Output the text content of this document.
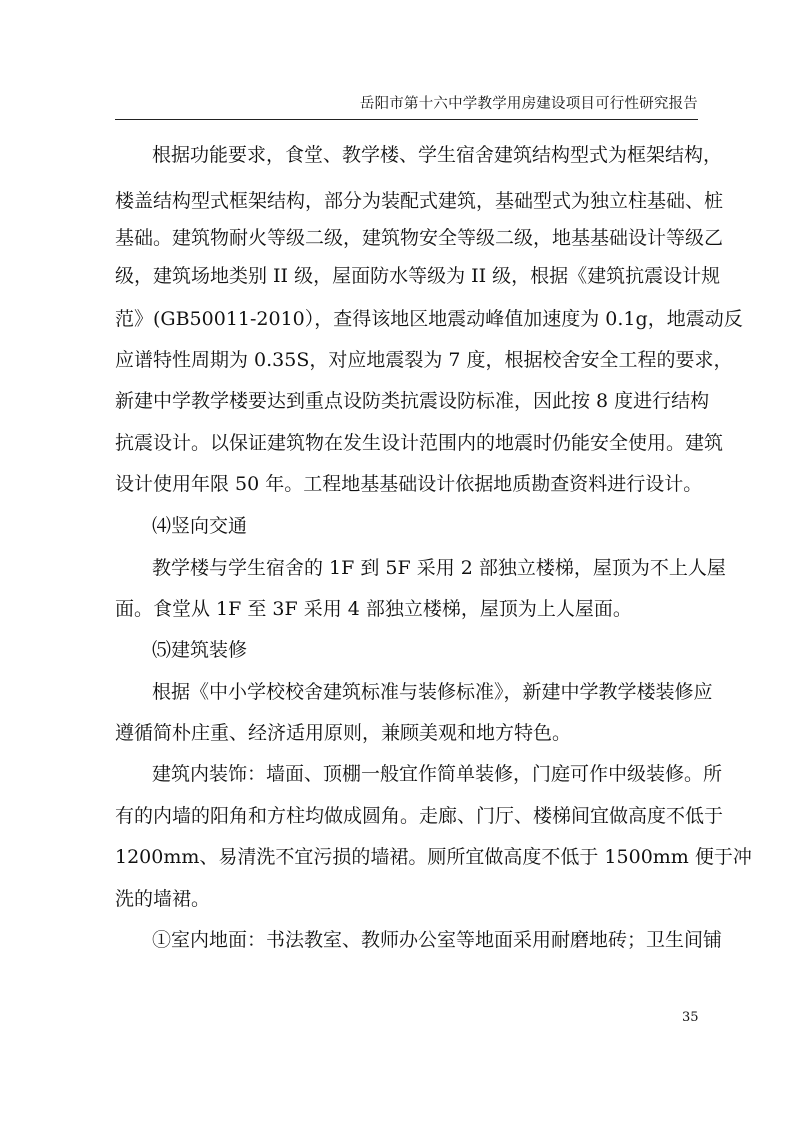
岳阳市第十六中学教学用房建设项目可行性研究报告
根据功能要求，食堂、教学楼、学生宿舍建筑结构型式为框架结构，
楼盖结构型式框架结构，部分为装配式建筑，基础型式为独立柱基础、桩
基础。建筑物耐火等级二级，建筑物安全等级二级，地基基础设计等级乙
级，建筑场地类别 II 级，屋面防水等级为 II 级，根据《建筑抗震设计规
范》(GB50011-2010），查得该地区地震动峰值加速度为 0.1g，地震动反
应谱特性周期为 0.35S，对应地震裂为 7 度，根据校舍安全工程的要求，
新建中学教学楼要达到重点设防类抗震设防标准，因此按 8 度进行结构
抗震设计。以保证建筑物在发生设计范围内的地震时仍能安全使用。建筑
设计使用年限 50 年。工程地基基础设计依据地质勘查资料进行设计。
⑷竖向交通
教学楼与学生宿舍的 1F 到 5F 采用 2 部独立楼梯，屋顶为不上人屋
面。食堂从 1F 至 3F 采用 4 部独立楼梯，屋顶为上人屋面。
⑸建筑装修
根据《中小学校校舍建筑标准与装修标准》，新建中学教学楼装修应
遵循简朴庄重、经济适用原则，兼顾美观和地方特色。
建筑内装饰：墙面、顶棚一般宜作简单装修，门庭可作中级装修。所
有的内墙的阳角和方柱均做成圆角。走廊、门厅、楼梯间宜做高度不低于
1200mm、易清洗不宜污损的墙裙。厕所宜做高度不低于 1500mm 便于冲
洗的墙裙。
①室内地面：书法教室、教师办公室等地面采用耐磨地砖；卫生间铺
35
